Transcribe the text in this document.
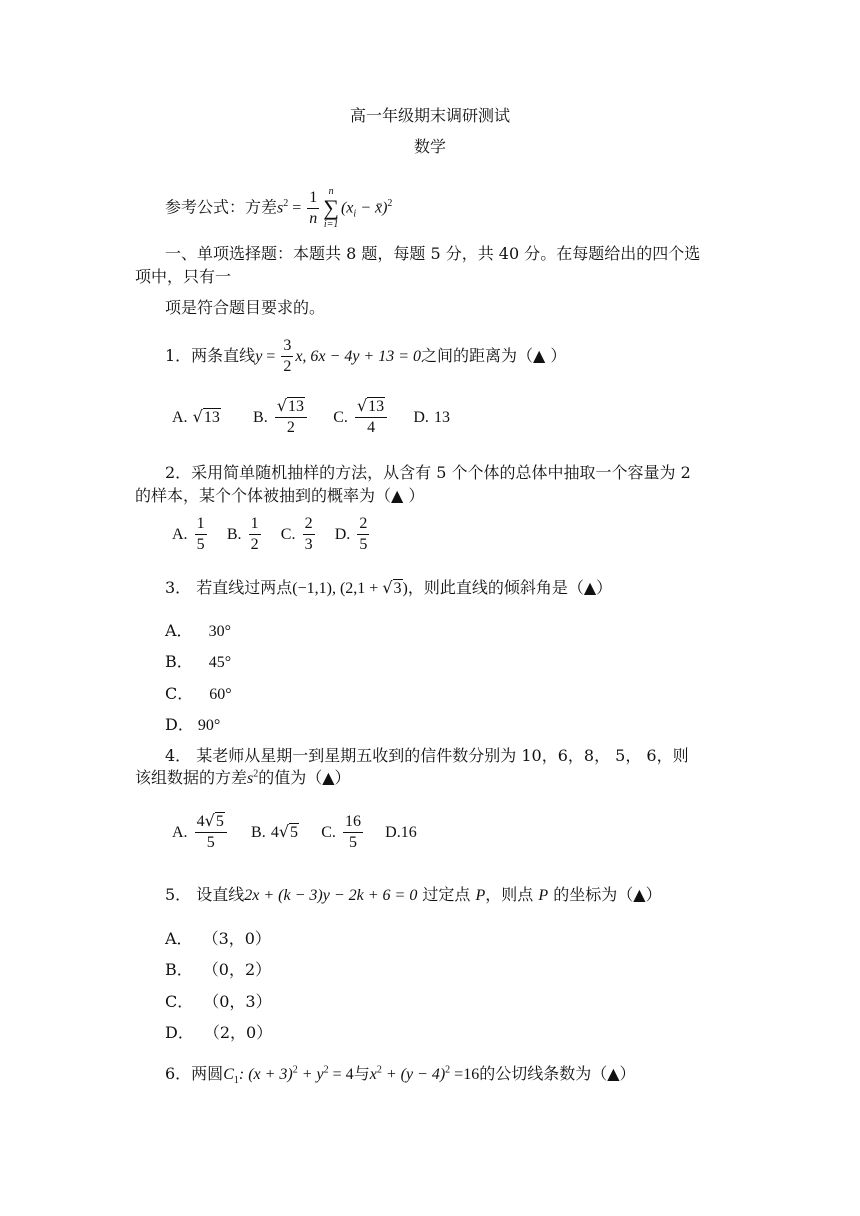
高一年级期末调研测试
数学
参考公式：方差$s^2 = \frac{1}{n}$ n
∑
i=1
($x_i$ − x̄)$^2$
一、单项选择题：本题共 8 题，每题 5 分，共 40 分。在每题给出的四个选
项中，只有一
项是符合题目要求的。
1．两条直线$y = \frac{3}{2} x$, 6x − 4y + 13 = 0之间的距离为（▲ ）
A. √13 B. $\frac{√13}{2} C$. $\frac{√13}{4} D$. 13
2．采用简单随机抽样的方法，从含有 5 个个体的总体中抽取一个容量为 2
的样本，某个个体被抽到的概率为（▲ ）
A. $\frac{1}{5} B$. $\frac{1}{2} C$. $\frac{2}{3} D$. $\frac{2}{5}$
3． 若直线过两点(−1,1), (2,1 + √3)，则此直线的倾斜角是（▲）
A． 30°
B． 45°
C． 60°
D． 90°
4． 某老师从星期一到星期五收到的信件数分别为 10，6，8， 5， 6，则
该组数据的方差$s^2$的值为（▲）
A. $\frac{4√5}{5} B$. 4√5 C. $\frac{16}{5} D.16$
5． 设直线2x + (k − 3)y − 2k + 6 = 0 过定点 P，则点 P 的坐标为（▲）
A． （3，0）
B． （0，2）
C． （0，3）
D． （2，0）
6．两圆$C_1$: $(x + 3)^2 + y^2 = 4$与$x^2 + (y - 4)^2 =16$的公切线条数为（▲）
